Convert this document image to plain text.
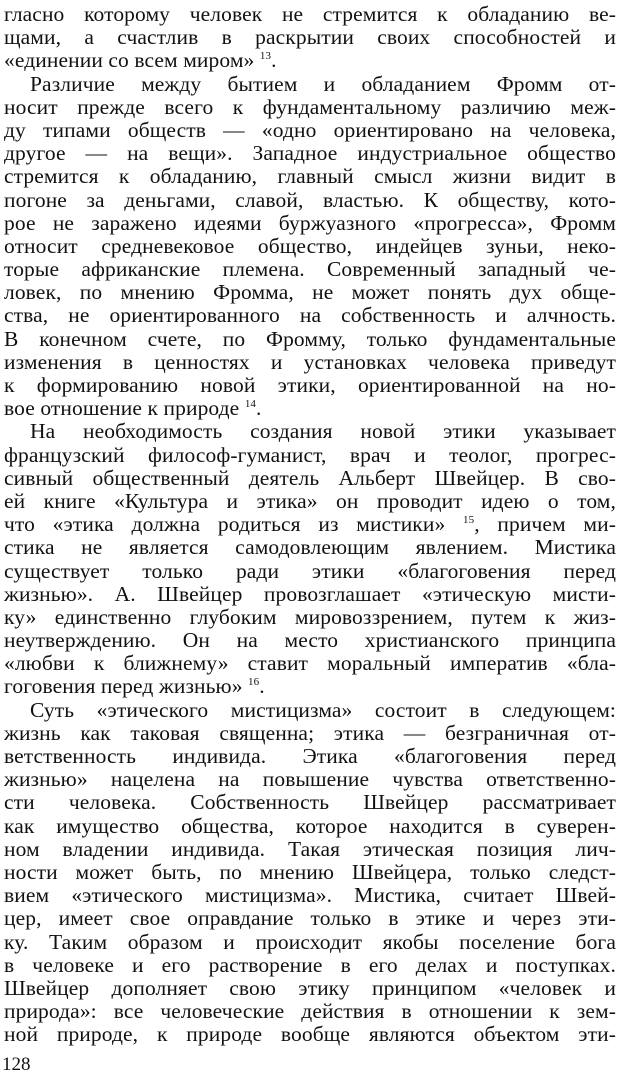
гласно которому человек не стремится к обладанию ве-
щами, а счастлив в раскрытии своих способностей и
«единении со всем миром» $^{13}$.
Различие между бытием и обладанием Фромм от-
носит прежде всего к фундаментальному различию меж-
ду типами обществ — «одно ориентировано на человека,
другое — на вещи». Западное индустриальное общество
стремится к обладанию, главный смысл жизни видит в
погоне за деньгами, славой, властью. К обществу, кото-
рое не заражено идеями буржуазного «прогресса», Фромм
относит средневековое общество, индейцев зуньи, неко-
торые африканские племена. Современный западный че-
ловек, по мнению Фромма, не может понять дух обще-
ства, не ориентированного на собственность и алчность.
В конечном счете, по Фромму, только фундаментальные
изменения в ценностях и установках человека приведут
к формированию новой этики, ориентированной на но-
вое отношение к природе $^{14}$.
На необходимость создания новой этики указывает
французский философ-гуманист, врач и теолог, прогрес-
сивный общественный деятель Альберт Швейцер. В сво-
ей книге «Культура и этика» он проводит идею о том,
что «этика должна родиться из мистики» $^{15}$, причем ми-
стика не является самодовлеющим явлением. Мистика
существует только ради этики «благоговения перед
жизнью». А. Швейцер провозглашает «этическую мисти-
ку» единственно глубоким мировоззрением, путем к жиз-
неутверждению. Он на место христианского принципа
«любви к ближнему» ставит моральный императив «бла-
гоговения перед жизнью» $^{16}$.
Суть «этического мистицизма» состоит в следующем:
жизнь как таковая священна; этика — безграничная от-
ветственность индивида. Этика «благоговения перед
жизнью» нацелена на повышение чувства ответственно-
сти человека. Собственность Швейцер рассматривает
как имущество общества, которое находится в суверен-
ном владении индивида. Такая этическая позиция лич-
ности может быть, по мнению Швейцера, только следст-
вием «этического мистицизма». Мистика, считает Швей-
цер, имеет свое оправдание только в этике и через эти-
ку. Таким образом и происходит якобы поселение бога
в человеке и его растворение в его делах и поступках.
Швейцер дополняет свою этику принципом «человек и
природа»: все человеческие действия в отношении к зем-
ной природе, к природе вообще являются объектом эти-
128
